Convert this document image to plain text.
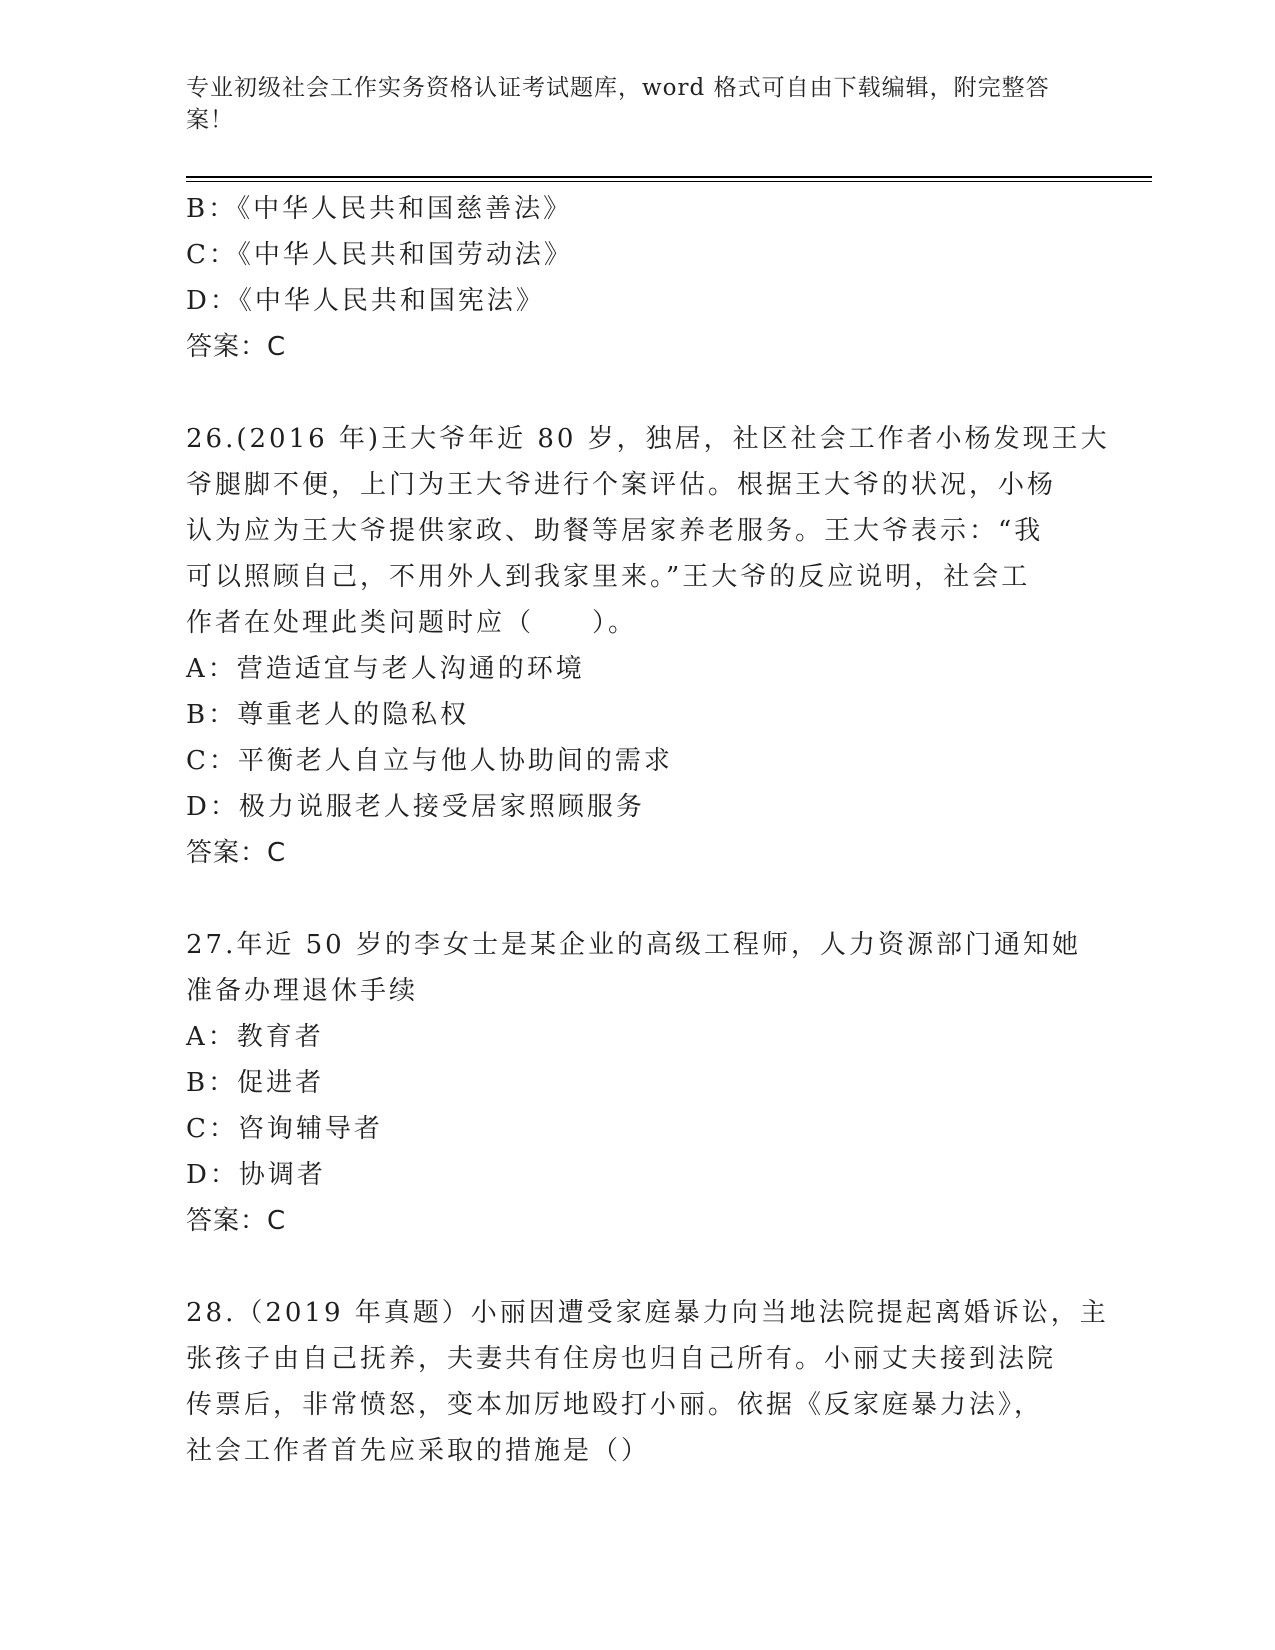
专业初级社会工作实务资格认证考试题库，word 格式可自由下载编辑，附完整答
案！
B：《中华人民共和国慈善法》
C：《中华人民共和国劳动法》
D：《中华人民共和国宪法》
答案：C
26.(2016 年)王大爷年近 80 岁，独居，社区社会工作者小杨发现王大
爷腿脚不便，上门为王大爷进行个案评估。根据王大爷的状况，小杨
认为应为王大爷提供家政、助餐等居家养老服务。王大爷表示：“我
可以照顾自己，不用外人到我家里来。”王大爷的反应说明，社会工
作者在处理此类问题时应（　　）。
A：营造适宜与老人沟通的环境
B：尊重老人的隐私权
C：平衡老人自立与他人协助间的需求
D：极力说服老人接受居家照顾服务
答案：C
27.年近 50 岁的李女士是某企业的高级工程师，人力资源部门通知她
准备办理退休手续
A：教育者
B：促进者
C：咨询辅导者
D：协调者
答案：C
28.（2019 年真题）小丽因遭受家庭暴力向当地法院提起离婚诉讼，主
张孩子由自己抚养，夫妻共有住房也归自己所有。小丽丈夫接到法院
传票后，非常愤怒，变本加厉地殴打小丽。依据《反家庭暴力法》，
社会工作者首先应采取的措施是（）
